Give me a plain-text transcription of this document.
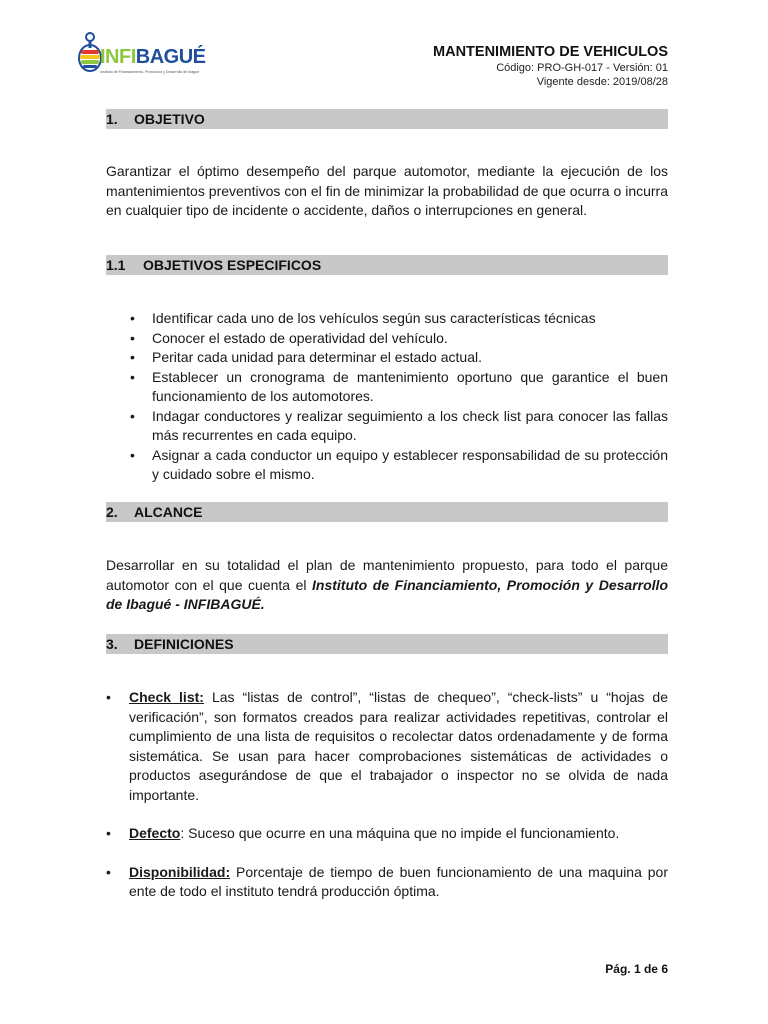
INFIBAGUÉ
Instituto de Financiamiento, Promoción y Desarrollo de Ibagué
MANTENIMIENTO DE VEHICULOS
Código: PRO-GH-017 - Versión: 01
Vigente desde: 2019/08/28
1. OBJETIVO
Garantizar el óptimo desempeño del parque automotor, mediante la ejecución de los mantenimientos preventivos con el fin de minimizar la probabilidad de que ocurra o incurra en cualquier tipo de incidente o accidente, daños o interrupciones en general.
1.1 OBJETIVOS ESPECIFICOS
• Identificar cada uno de los vehículos según sus características técnicas
• Conocer el estado de operatividad del vehículo.
• Peritar cada unidad para determinar el estado actual.
• Establecer un cronograma de mantenimiento oportuno que garantice el buen funcionamiento de los automotores.
• Indagar conductores y realizar seguimiento a los check list para conocer las fallas más recurrentes en cada equipo.
• Asignar a cada conductor un equipo y establecer responsabilidad de su protección y cuidado sobre el mismo.
2. ALCANCE
Desarrollar en su totalidad el plan de mantenimiento propuesto, para todo el parque automotor con el que cuenta el Instituto de Financiamiento, Promoción y Desarrollo de Ibagué - INFIBAGUÉ.
3. DEFINICIONES
• Check list: Las “listas de control”, “listas de chequeo”, “check-lists” u “hojas de verificación”, son formatos creados para realizar actividades repetitivas, controlar el cumplimiento de una lista de requisitos o recolectar datos ordenadamente y de forma sistemática. Se usan para hacer comprobaciones sistemáticas de actividades o productos asegurándose de que el trabajador o inspector no se olvida de nada importante.
• Defecto: Suceso que ocurre en una máquina que no impide el funcionamiento.
• Disponibilidad: Porcentaje de tiempo de buen funcionamiento de una maquina por ente de todo el instituto tendrá producción óptima.
Pág. 1 de 6
